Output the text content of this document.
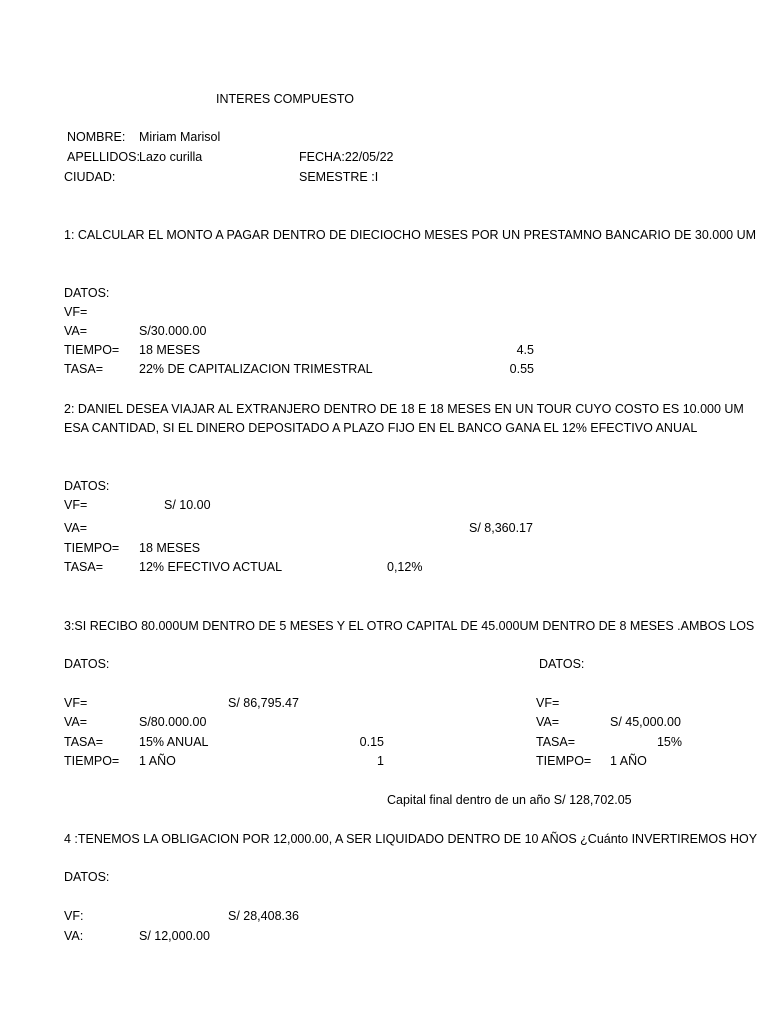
INTERES COMPUESTO
NOMBRE: Miriam Marisol
APELLIDOS: Lazo curilla	FECHA:22/05/22
CIUDAD:	SEMESTRE :I
1: CALCULAR EL MONTO A PAGAR DENTRO DE DIECIOCHO MESES POR UN PRESTAMNO BANCARIO DE 30.000 UM
DATOS:
VF=
VA=	S/30.000.00
TIEMPO= 18 MESES	4.5
TASA=	22% DE CAPITALIZACION TRIMESTRAL	0.55
2: DANIEL DESEA VIAJAR AL EXTRANJERO DENTRO DE 18 E 18 MESES EN UN TOUR CUYO COSTO ES 10.000 UM
ESA CANTIDAD, SI EL DINERO DEPOSITADO A PLAZO FIJO EN EL BANCO GANA EL 12% EFECTIVO ANUAL
DATOS:
VF=	S/ 10.00
VA=	S/ 8,360.17
TIEMPO= 18 MESES
TASA=	12% EFECTIVO ACTUAL	0,12%
3:SI RECIBO 80.000UM DENTRO DE 5 MESES Y EL OTRO CAPITAL DE 45.000UM DENTRO DE 8 MESES .AMBOS LOS
DATOS:	DATOS:
VF=	S/ 86,795.47	VF=
VA=	S/80.000.00	VA=	S/ 45,000.00
TASA=	15% ANUAL	0.15	TASA=	15%
TIEMPO= 1 AÑO	1	TIEMPO= 1 AÑO
Capital final dentro de un año S/ 128,702.05
4 :TENEMOS LA OBLIGACION POR 12,000.00, A SER LIQUIDADO DENTRO DE 10 AÑOS ¿Cuánto INVERTIREMOS HOY
DATOS:
VF:	S/ 28,408.36
VA:	S/ 12,000.00
